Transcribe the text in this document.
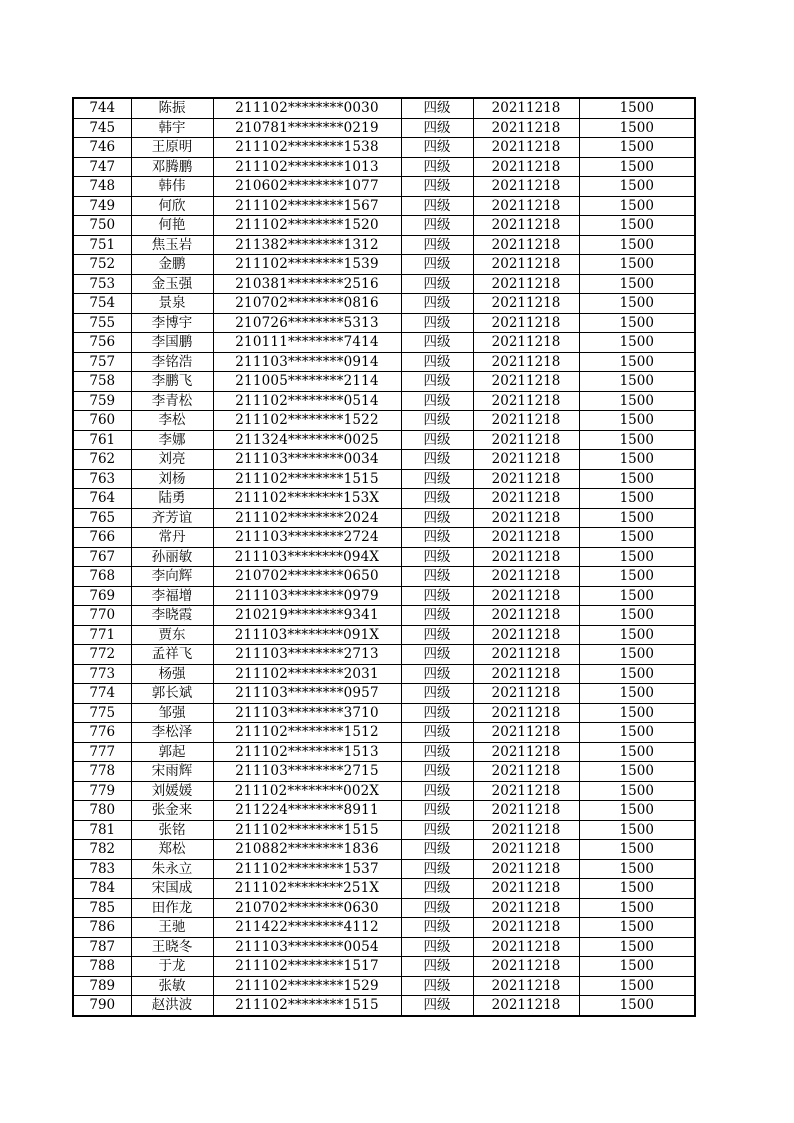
744	陈振	211102********0030	四级	20211218	1500
745	韩宇	210781********0219	四级	20211218	1500
746	王原明	211102********1538	四级	20211218	1500
747	邓腾鹏	211102********1013	四级	20211218	1500
748	韩伟	210602********1077	四级	20211218	1500
749	何欣	211102********1567	四级	20211218	1500
750	何艳	211102********1520	四级	20211218	1500
751	焦玉岩	211382********1312	四级	20211218	1500
752	金鹏	211102********1539	四级	20211218	1500
753	金玉强	210381********2516	四级	20211218	1500
754	景泉	210702********0816	四级	20211218	1500
755	李博宇	210726********5313	四级	20211218	1500
756	李国鹏	210111********7414	四级	20211218	1500
757	李铭浩	211103********0914	四级	20211218	1500
758	李鹏飞	211005********2114	四级	20211218	1500
759	李青松	211102********0514	四级	20211218	1500
760	李松	211102********1522	四级	20211218	1500
761	李娜	211324********0025	四级	20211218	1500
762	刘亮	211103********0034	四级	20211218	1500
763	刘杨	211102********1515	四级	20211218	1500
764	陆勇	211102********153X	四级	20211218	1500
765	齐芳谊	211102********2024	四级	20211218	1500
766	常丹	211103********2724	四级	20211218	1500
767	孙丽敏	211103********094X	四级	20211218	1500
768	李向辉	210702********0650	四级	20211218	1500
769	李福增	211103********0979	四级	20211218	1500
770	李晓霞	210219********9341	四级	20211218	1500
771	贾东	211103********091X	四级	20211218	1500
772	孟祥飞	211103********2713	四级	20211218	1500
773	杨强	211102********2031	四级	20211218	1500
774	郭长斌	211103********0957	四级	20211218	1500
775	邹强	211103********3710	四级	20211218	1500
776	李松泽	211102********1512	四级	20211218	1500
777	郭起	211102********1513	四级	20211218	1500
778	宋雨辉	211103********2715	四级	20211218	1500
779	刘媛媛	211102********002X	四级	20211218	1500
780	张金来	211224********8911	四级	20211218	1500
781	张铭	211102********1515	四级	20211218	1500
782	郑松	210882********1836	四级	20211218	1500
783	朱永立	211102********1537	四级	20211218	1500
784	宋国成	211102********251X	四级	20211218	1500
785	田作龙	210702********0630	四级	20211218	1500
786	王驰	211422********4112	四级	20211218	1500
787	王晓冬	211103********0054	四级	20211218	1500
788	于龙	211102********1517	四级	20211218	1500
789	张敏	211102********1529	四级	20211218	1500
790	赵洪波	211102********1515	四级	20211218	1500
